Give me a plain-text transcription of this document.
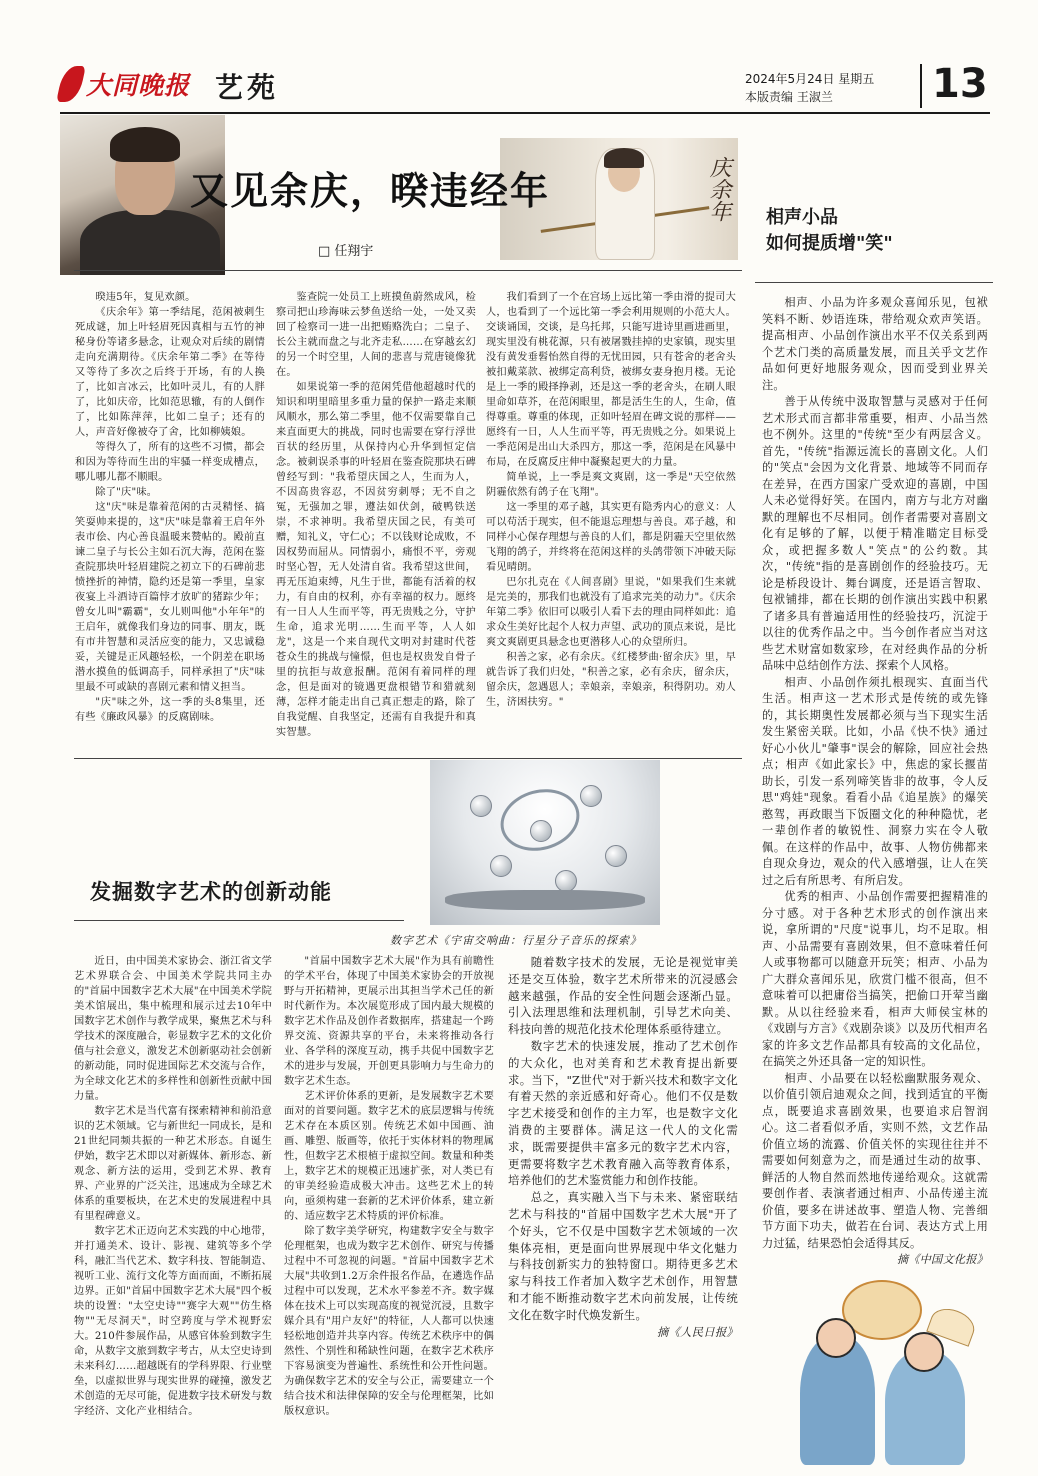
大同晚报 艺苑	2024年5月24日 星期五
本版责编 王淑兰	13
庆余年
又见余庆，暌违经年
□ 任翔宇

暌违5年，复见欢颜。

《庆余年》第一季结尾，范闲被刺生死成谜，加上叶轻眉死因真相与五竹的神秘身份等诸多悬念，让观众对后续的剧情走向充满期待。《庆余年第二季》在等待又等待了多次之后终于开场，有的人换了，比如言冰云，比如叶灵儿，有的人胖了，比如庆帝，比如范思辙，有的人倒作了，比如陈萍萍，比如二皇子；还有的人，声音好像被夺了舍，比如柳姨娘。

等得久了，所有的这些不习惯，都会和因为等待而生出的牢骚一样变成槽点，哪儿哪儿都不顺眼。

除了"庆"味。

这"庆"味是靠着范闲的古灵精怪、搞笑耍帅来提的，这"庆"味是靠着王启年外表市侩、内心善良温暖来赞帖的。殿前直谏二皇子与长公主如石沉大海，范闲在鉴查院那块叶轻眉建院之初立下的石碑前悲愤挫折的神情，隐约还是第一季里，皇家夜宴上斗酒诗百篇悖才放旷的猪踪少年；曾女儿叫"霸霸"，女儿则叫他"小年年"的王启年，就像我们身边的同事、朋友，既有市井智慧和灵活应变的能力，又忠诚稳妥，关键是正风趣轻松，一个阴差在职场潜水摸鱼的低调高手，同样承担了"庆"味里最不可或缺的喜剧元素和情义担当。

"庆"味之外，这一季的头8集里，还有些《廉政风暴》的反腐剧味。

鉴查院一处员工上班摸鱼蔚然成风，检察司把山珍海味云梦鱼送给一处，一处又卖回了检察司一进一出把贿赂洗白；二皇子、长公主就而盘之与北齐走私……在穿越玄幻的另一个时空里，人间的悲喜与荒唐镜像犹在。

如果说第一季的范闲凭借他超越时代的知识和明里暗里多重力量的保护一路走来顺风顺水，那么第二季里，他不仅需要靠自己来直面更大的挑战，同时也需要在穿行浮世百状的经历里，从保持内心升华到恒定信念。被刺误杀事的叶轻眉在鉴查院那块石碑曾经写到："我希望庆国之人，生而为人，不因高贵容忍，不因贫穷刺辱；无不自之冤，无强加之罪，遵法如伏剑，破鸭铁送崇，不求神明。我希望庆国之民，有美可赠，知礼义，守仁心；不以钱财论成败，不因权势而屈从。同情弱小，痛恨不平，旁观时坚心智，无人处清自省。我希望这世间，再无压迫束缚，凡生于世，都能有活着的权力，有自由的权利，亦有幸福的权力。愿终有一日人人生而平等，再无贵贱之分，守护生命，追求光明……生而平等，人人如龙"，这是一个来自现代文明对封建时代苍苍众生的挑战与憧憬，但也是权贵发自骨子里的抗拒与故意报酬。范闲有着同样的理念，但是面对的镜遇更盘根错节和猎就刻薄，怎样才能走出自己真正想走的路，除了自我觉醒、自我坚定，还需有自我提升和真实智慧。

我们看到了一个在宫场上远比第一季由滑的提司大人，也看到了一个远比第一季会利用规则的小范大人。交谈诵国，交谈，是乌托邦，只能写进诗里画进画里，现实里没有桃花源，只有被屠戮挂掉的史家镇，现实里没有黄发垂髫怡然自得的无忧田园，只有苍舍的老舍头被扣戴菜款、被绑定高利贷，被绑女妻身抱月楼。无论是上一季的殿择挣剥，还是这一季的老舍头，在刷人眼里命如草芥，在范闲眼里，都是活生生的人，生命，值得尊重。尊重的体现，正如叶轻眉在碑文说的那样——愿终有一日，人人生而平等，再无贵贱之分。如果说上一季范闲是出山大杀四方，那这一季，范闲是在风暴中布局，在反腐反庄伸中凝聚起更大的力量。

简单说，上一季是爽文爽剧，这一季是"天空依然阴霾依然有鸽子在飞翔"。

这一季里的邓子越，其实更有隐秀内心的意义：人可以苟活于现实，但不能退忘理想与善良。邓子越，和同样小心保存理想与善良的人们，都是阴霾天空里依然飞翔的鸽子，并终将在范闲这样的头鸽带领下冲破天际看见晴朗。

巴尔扎克在《人间喜剧》里说，"如果我们生来就是完美的，那我们也就没有了追求完美的动力"。《庆余年第二季》依旧可以吸引人看下去的理由同样如此：追求众生美好比起个人权力声望、武功的顶点来说，是比爽文爽剧更具悬念也更潜移人心的众望所归。

积善之家，必有余庆。《红楼梦曲·留余庆》里，早就告诉了我们归处，"积善之家，必有余庆，留余庆，留余庆，忽遇恩人；幸娘亲，幸娘亲，积得阴功。劝人生，济困扶穷。"

相声小品
如何提质增"笑"

相声、小品为许多观众喜闻乐见，包袱笑料不断、妙语连珠，带给观众欢声笑语。提高相声、小品创作演出水平不仅关系到两个艺术门类的高质量发展，而且关乎文艺作品如何更好地服务观众，因而受到业界关注。

善于从传统中汲取智慧与灵感对于任何艺术形式而言都非常重要，相声、小品当然也不例外。这里的"传统"至少有两层含义。首先，"传统"指源远流长的喜剧文化。人们的"笑点"会因为文化背景、地域等不同而存在差异，在西方国家广受欢迎的喜剧，中国人未必觉得好笑。在国内，南方与北方对幽默的理解也不尽相同。创作者需要对喜剧文化有足够的了解，以便于精准瞄定目标受众，或把握多数人"笑点"的公约数。其次，"传统"指的是喜剧创作的经验技巧。无论是桥段设计、舞台调度，还是语言智取、包袱铺排，都在长期的创作演出实践中积累了诸多具有普遍适用性的经验技巧，沉淀于以往的优秀作品之中。当今创作者应当对这些艺术财富如数家珍，在对经典作品的分析品味中总结创作方法、探索个人风格。

相声、小品创作须扎根现实、直面当代生活。相声这一艺术形式是传统的或先锋的，其长期奥性发展都必须与当下现实生活发生紧密关联。比如，小品《快不快》通过好心小伙儿"肇事"误会的解除，回应社会热点；相声《如此家长》中，焦虑的家长揠苗助长，引发一系列啼笑皆非的故事，令人反思"鸡娃"现象。看看小品《追星族》的爆笑憨驾，再政眼当下饭圈文化的种种隐忧，老一辈创作者的敏锐性、洞察力实在令人敬佩。在这样的作品中，故事、人物仿佛都来自现众身边，观众的代入感增强，让人在笑过之后有所思考、有所启发。

优秀的相声、小品创作需要把握精准的分寸感。对于各种艺术形式的创作演出来说，拿所谓的"尺度"说事儿，均不足取。相声、小品需要有喜剧效果，但不意味着任何人或事物都可以随意开玩笑；相声、小品为广大群众喜闻乐见，欣赏门槛不很高，但不意味着可以把庸俗当搞笑，把偷口开荤当幽默。从以往经验来看，相声大师侯宝林的《戏剧与方言》《戏剧杂谈》以及历代相声名家的许多文艺作品都具有较高的文化品位，在搞笑之外还具备一定的知识性。

相声、小品要在以轻松幽默服务观众、以价值引领启迪观众之间，找到适宜的平衡点，既要追求喜剧效果，也要追求启智润心。这二者看似矛盾，实则不然，文艺作品价值立场的流露、价值关怀的实现往往并不需要如何刻意为之，而是通过生动的故事、鲜活的人物自然而然地传递给观众。这就需要创作者、表演者通过相声、小品传递主流价值，要多在讲述故事、塑造人物、完善细节方面下功夫，做若在台词、表达方式上用力过猛，结果恐怕会适得其反。

摘《中国文化报》
发掘数字艺术的创新动能
数字艺术《宇宙交响曲：行星分子音乐的探索》

近日，由中国美术家协会、浙江省文学艺术界联合会、中国美术学院共同主办的"首届中国数字艺术大展"在中国美术学院美术馆展出，集中梳理和展示过去10年中国数字艺术创作与教学成果，聚焦艺术与科学技术的深度融合，彰显数字艺术的文化价值与社会意义，激发艺术创新驱动社会创新的新动能，同时促进国际艺术交流与合作，为全球文化艺术的多样性和创新性贡献中国力量。

数字艺术是当代富有探索精神和前沿意识的艺术领域。它与新世纪一同成长，是和21世纪同频共振的一种艺术形态。自诞生伊始，数字艺术即以对新媒体、新形态、新观念、新方法的运用，受到艺术界、教育界、产业界的广泛关注，迅速成为全球艺术体系的重要板块，在艺术史的发展进程中具有里程碑意义。

数字艺术正迈向艺术实践的中心地带，并打通美术、设计、影视、建筑等多个学科，融汇当代艺术、数字科技、智能制造、视听工业、流行文化等方面而面，不断拓展边界。正如"首届中国数字艺术大展"四个板块的设置："太空史诗""赛字大观""仿生格物""无尽洞天"，时空跨度与学术视野宏大。210件参展作品，从感官体验到数字生命，从数字文旅到数字考古，从太空史诗到未来科幻……超越既有的学科界限、行业壁垒，以虚拟世界与现实世界的碰撞，激发艺术创造的无尽可能，促进数字技术研发与数字经济、文化产业相结合。

"首届中国数字艺术大展"作为具有前瞻性的学术平台，体现了中国美术家协会的开放视野与开拓精神，更展示出其担当学术己任的新时代新作为。本次展览形成了国内最大规模的数字艺术作品及创作者数据库，搭建起一个跨界交流、资源共享的平台，未来将推动各行业、各学科的深度互动，携手共促中国数字艺术的进步与发展，开创更具影响力与生命力的数字艺术生态。

艺术评价体系的更新，是发展数字艺术要面对的首要问题。数字艺术的底层逻辑与传统艺术存在本质区别。传统艺术如中国画、油画、雕塑、版画等，依托于实体材料的物理属性，但数字艺术根植于虚拟空间。数量和种类上，数字艺术的规模正迅速扩张，对人类已有的审美经验造成极大冲击。这些艺术上的转向，亟须构建一套新的艺术评价体系，建立新的、适应数字艺术特质的评价标准。

除了数字美学研究，构建数字安全与数字伦理框架，也成为数字艺术创作、研究与传播过程中不可忽视的问题。"首届中国数字艺术大展"共收到1.2万余件报名作品，在遴选作品过程中可以发现，艺术水平参差不齐。数字媒体在技术上可以实现高度的视觉沉浸，且数字媒介具有"用户友好"的特征，人人都可以快速轻松地创造并共享内容。传统艺术秩序中的偶然性、个别性和稀缺性问题，在数字艺术秩序下容易演变为普遍性、系统性和公开性问题。为确保数字艺术的安全与公正，需要建立一个结合技术和法律保障的安全与伦理框架，比如版权意识。

随着数字技术的发展，无论是视觉审美还是交互体验，数字艺术所带来的沉浸感会越来越强，作品的安全性问题会逐渐凸显。引入法理思维和法理机制，引导艺术向美、科技向善的规范化技术伦理体系亟待建立。

数字艺术的快速发展，推动了艺术创作的大众化，也对美育和艺术教育提出新要求。当下，"Z世代"对于新兴技术和数字文化有着天然的亲近感和好奇心。他们不仅是数字艺术接受和创作的主力军，也是数字文化消费的主要群体。满足这一代人的文化需求，既需要提供丰富多元的数字艺术内容，更需要将数字艺术教育融入高等教育体系，培养他们的艺术鉴赏能力和创作技能。

总之，真实融入当下与未来、紧密联结艺术与科技的"首届中国数字艺术大展"开了个好头，它不仅是中国数字艺术领域的一次集体亮相，更是面向世界展现中华文化魅力与科技创新实力的独特窗口。期待更多艺术家与科技工作者加入数字艺术创作，用智慧和才能不断推动数字艺术向前发展，让传统文化在数字时代焕发新生。

摘《人民日报》
